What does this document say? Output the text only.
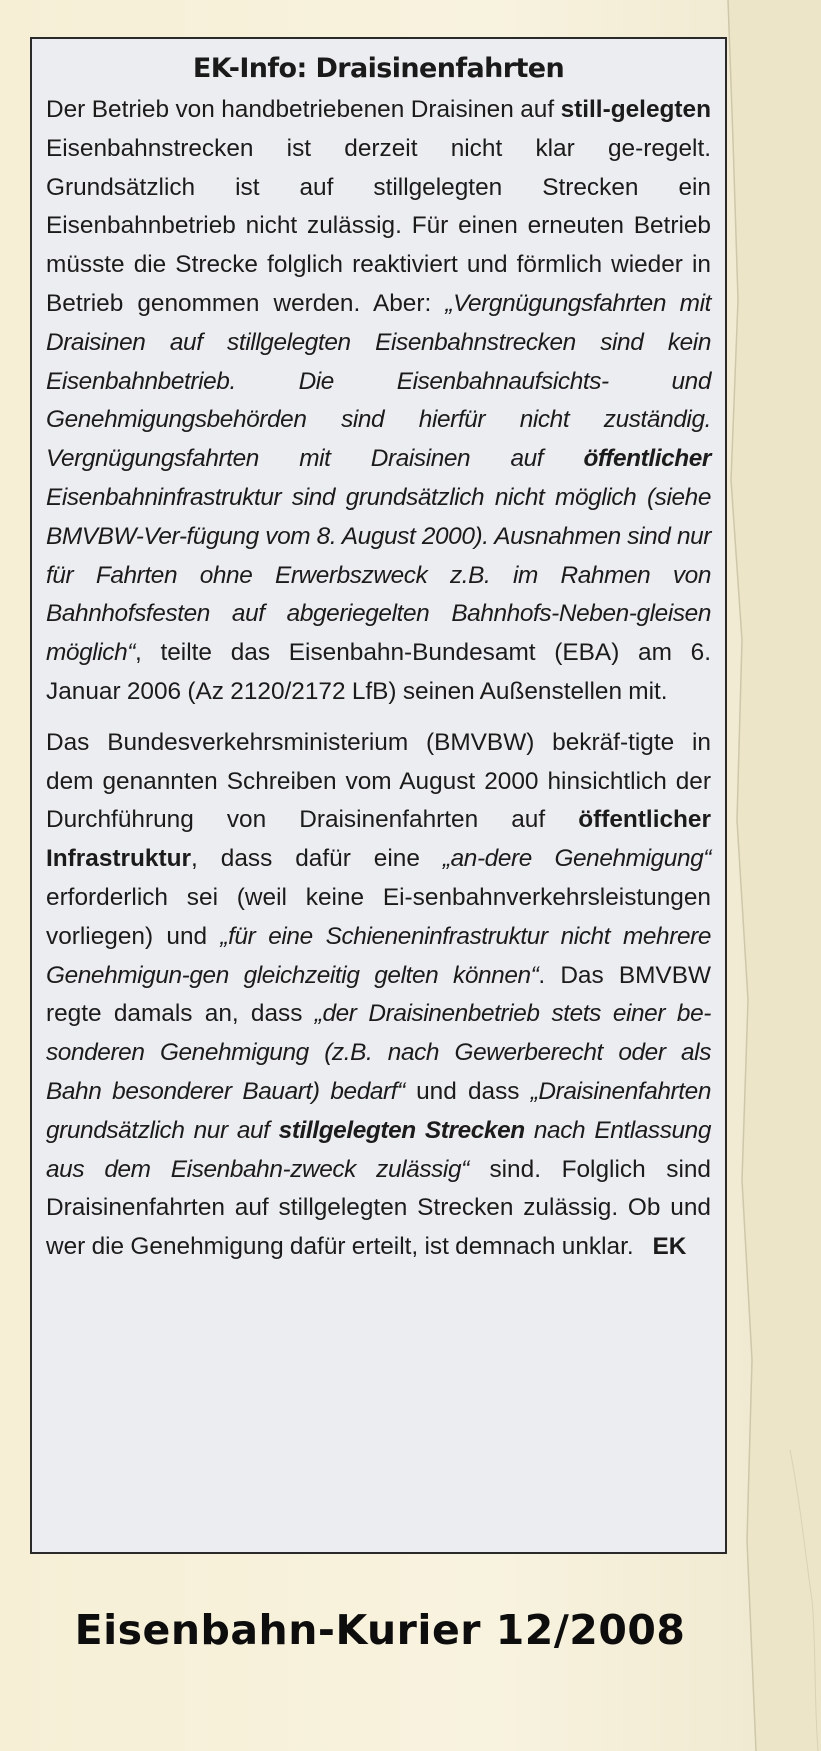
EK-Info: Draisinenfahrten

Der Betrieb von handbetriebenen Draisinen auf still-gelegten Eisenbahnstrecken ist derzeit nicht klar ge-regelt. Grundsätzlich ist auf stillgelegten Strecken ein Eisenbahnbetrieb nicht zulässig. Für einen erneuten Betrieb müsste die Strecke folglich reaktiviert und förmlich wieder in Betrieb genommen werden. Aber: „Vergnügungsfahrten mit Draisinen auf stillgelegten Eisenbahnstrecken sind kein Eisenbahnbetrieb. Die Eisenbahnaufsichts- und Genehmigungsbehörden sind hierfür nicht zuständig. Vergnügungsfahrten mit Draisinen auf öffentlicher Eisenbahninfrastruktur sind grundsätzlich nicht möglich (siehe BMVBW-Ver-fügung vom 8. August 2000). Ausnahmen sind nur für Fahrten ohne Erwerbszweck z.B. im Rahmen von Bahnhofsfesten auf abgeriegelten Bahnhofs-Neben-gleisen möglich“, teilte das Eisenbahn-Bundesamt (EBA) am 6. Januar 2006 (Az 2120/2172 LfB) seinen Außenstellen mit.

Das Bundesverkehrsministerium (BMVBW) bekräf-tigte in dem genannten Schreiben vom August 2000 hinsichtlich der Durchführung von Draisinenfahrten auf öffentlicher Infrastruktur, dass dafür eine „an-dere Genehmigung“ erforderlich sei (weil keine Ei-senbahnverkehrsleistungen vorliegen) und „für eine Schieneninfrastruktur nicht mehrere Genehmigun-gen gleichzeitig gelten können“. Das BMVBW regte damals an, dass „der Draisinenbetrieb stets einer be-sonderen Genehmigung (z.B. nach Gewerberecht oder als Bahn besonderer Bauart) bedarf“ und dass „Draisinenfahrten grundsätzlich nur auf stillgelegten Strecken nach Entlassung aus dem Eisenbahn-zweck zulässig“ sind. Folglich sind Draisinenfahrten auf stillgelegten Strecken zulässig. Ob und wer die Genehmigung dafür erteilt, ist demnach unklar. EK

Eisenbahn-Kurier 12/2008
